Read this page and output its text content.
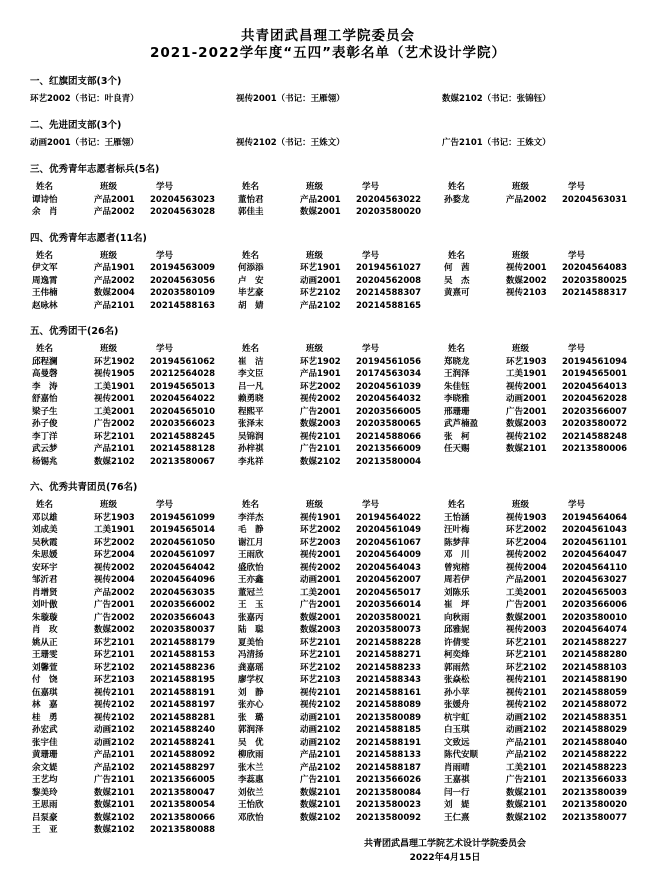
共青团武昌理工学院委员会
2021-2022学年度“五四”表彰名单（艺术设计学院）
一、红旗团支部(3个)
环艺2002（书记：叶良青）	视传2001（书记：王雁翎）	数媒2102（书记：张锦钰）
二、先进团支部(3个)
动画2001（书记：王雁翎）	视传2102（书记：王姝文）	广告2101（书记：王姝文）
三、优秀青年志愿者标兵(5名)
姓名	班级	学号
谭诗怡	产品2001	20204563023
余　肖	产品2002	20204563028
姓名	班级	学号
董怡君	产品2001	20204563022
郭佳圭	数媒2001	20203580020
姓名	班级	学号
孙婺龙	产品2002	20204563031
四、优秀青年志愿者(11名)
姓名	班级	学号
伊文军	产品1901	20194563009
周逸霄	产品2002	20204563056
王伟楠	数媒2004	20203580109
赵咏林	产品2101	20214588163
姓名	班级	学号
何添添	环艺1901	20194561027
卢　安	动画2001	20204562008
毕艺豪	环艺2102	20214588307
胡　婧	产品2102	20214588165
姓名	班级	学号
何　茜	视传2001	20204564083
吴　杰	数媒2002	20203580025
黄熹可	视传2103	20214588317
五、优秀团干(26名)
姓名	班级	学号
邱程澜	环艺1902	20194561062
高曼磬	视传1905	20212564028
李　涛	工美1901	20194565013
舒嘉怡	视传2001	20204564022
梁子生	工美2001	20204565010
孙子俊	广告2002	20203566023
李丁洋	环艺2101	20214588245
武云梦	产品2101	20214588128
杨锡兆	数媒2102	20213580067
姓名	班级	学号
崔　洁	环艺1902	20194561056
李文臣	产品1901	20174563034
吕一凡	环艺2002	20204561039
赖勇晓	视传2002	20204564032
程熙平	广告2001	20203566005
张泽末	数媒2003	20203580065
吴锦润	视传2101	20214588066
孙梓祺	广告2101	20213566009
李兆祥	数媒2102	20213580004
姓名	班级	学号
郑晓龙	环艺1903	20194561094
王润泽	工美1901	20194565001
朱佳钰	视传2001	20204564013
李晓雅	动画2001	20204562028
邢珊珊	广告2001	20203566007
武芦楠盈	数媒2003	20203580072
张　柯	视传2102	20214588248
任天赐	数媒2101	20213580006
六、优秀共青团员(76名)
姓名	班级	学号
邓以雄	环艺1903	20194561099
刘成美	工美1901	20194565014
吴秋霞	环艺2002	20204561050
朱思媛	环艺2004	20204561097
安环宇	视传2002	20204564042
邹沂君	视传2004	20204564096
肖增贤	产品2002	20204563035
刘叶傲	广告2001	20203566002
朱璇璇	广告2002	20203566043
肖　玫	数媒2002	20203580037
姚从正	环艺2101	20214588179
王珊雯	环艺2101	20214588153
刘馨萱	环艺2102	20214588236
付　饶	环艺2103	20214588195
伍嘉琪	视传2101	20214588191
林　嘉	视传2102	20214588197
桂　勇	视传2102	20214588281
孙宏武	动画2102	20214588240
张宇佳	动画2102	20214588241
黄珊珊	产品2101	20214588092
余文媞	产品2102	20214588297
王艺均	广告2101	20213566005
黎美玲	数媒2101	20213580047
王思雨	数媒2101	20213580054
吕泵豪	数媒2102	20213580066
王　亚	数媒2102	20213580088
姓名	班级	学号
李洋杰	视传1901	20194564022
毛　静	环艺2002	20204561049
谢江月	环艺2003	20204561067
王雨欣	视传2001	20204564009
盛欣怡	视传2002	20204564043
王亦鑫	动画2001	20204562007
董冠兰	工美2001	20204565017
王　玉	广告2001	20203566014
张嘉丙	数媒2001	20203580021
陆　聪	数媒2003	20203580073
夏美怡	环艺2101	20214588228
冯清扬	环艺2101	20214588271
龚嘉瑶	环艺2102	20214588233
廖学权	环艺2103	20214588343
刘　静	视传2101	20214588161
张亦心	视传2102	20214588089
张　璐	动画2101	20213580089
郭润泽	动画2102	20214588185
吴　优	动画2102	20214588191
柳欣雨	产品2101	20214588133
张木兰	产品2102	20214588187
李蕊惠	广告2101	20213566026
刘依兰	数媒2101	20213580084
王怡欣	数媒2101	20213580023
邓欣怡	数媒2102	20213580092
姓名	班级	学号
王怡涵	视传1903	20194564064
汪叶梅	环艺2002	20204561043
陈梦萍	环艺2004	20204561101
邓　川	视传2002	20204564047
曾宛榕	视传2004	20204564110
周若伊	产品2001	20204563027
刘陈乐	工美2001	20204565003
崔　坪	广告2001	20203566006
向秋雨	数媒2001	20203580010
邱雅妮	视传2003	20204564074
许倩雯	环艺2101	20214588227
柯奕烽	环艺2101	20214588280
郭雨然	环艺2102	20214588103
张焱松	视传2101	20214588190
孙小苹	视传2101	20214588059
张媛舟	视传2102	20214588072
杭宇虹	动画2102	20214588351
白玉琪	动画2102	20214588029
文致远	产品2101	20214588040
陈代安顺	产品2102	20214588222
肖雨晴	工美2101	20214588223
王嘉祺	广告2101	20213566033
闫一行	数媒2101	20213580039
刘　媞	数媒2101	20213580020
王仁熹	数媒2102	20213580077
共青团武昌理工学院艺术设计学院委员会
2022年4月15日
